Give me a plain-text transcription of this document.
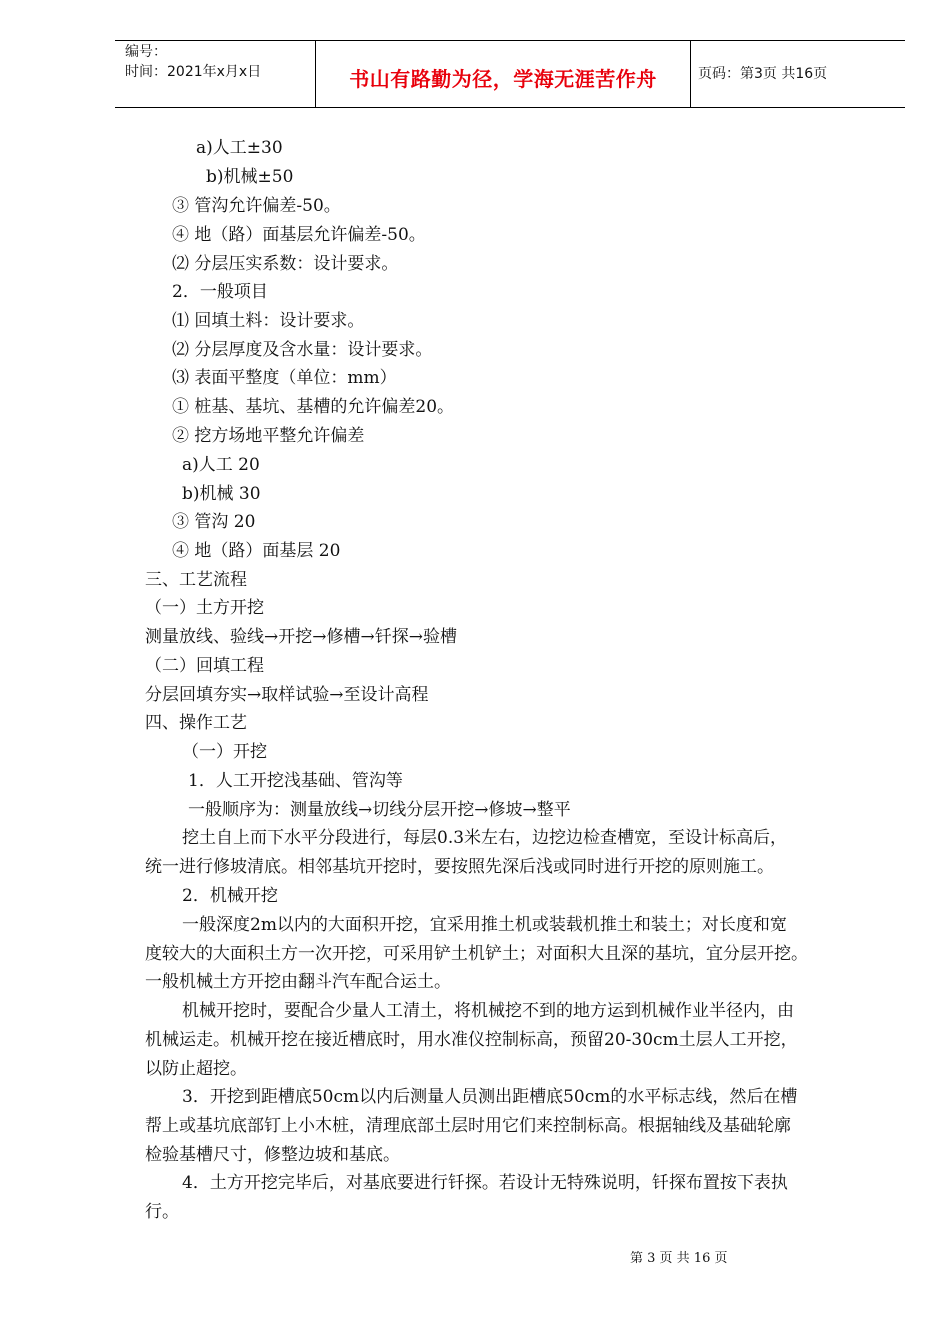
编号：
时间：2021年x月x日	书山有路勤为径，学海无涯苦作舟	页码：第3页 共16页
a)人工±30
b)机械±50
③ 管沟允许偏差-50。
④ 地（路）面基层允许偏差-50。
⑵ 分层压实系数：设计要求。
2．一般项目
⑴ 回填土料：设计要求。
⑵ 分层厚度及含水量：设计要求。
⑶ 表面平整度（单位：mm）
① 桩基、基坑、基槽的允许偏差20。
② 挖方场地平整允许偏差
a)人工 20
b)机械 30
③ 管沟 20
④ 地（路）面基层 20
三、工艺流程
（一）土方开挖
测量放线、验线→开挖→修槽→钎探→验槽
（二）回填工程
分层回填夯实→取样试验→至设计高程
四、操作工艺
（一）开挖
1．人工开挖浅基础、管沟等
一般顺序为：测量放线→切线分层开挖→修坡→整平
挖土自上而下水平分段进行，每层0.3米左右，边挖边检查槽宽，至设计标高后，
统一进行修坡清底。相邻基坑开挖时，要按照先深后浅或同时进行开挖的原则施工。
2．机械开挖
一般深度2m以内的大面积开挖，宜采用推土机或装载机推土和装土；对长度和宽
度较大的大面积土方一次开挖，可采用铲土机铲土；对面积大且深的基坑，宜分层开挖。
一般机械土方开挖由翻斗汽车配合运土。
机械开挖时，要配合少量人工清土，将机械挖不到的地方运到机械作业半径内，由
机械运走。机械开挖在接近槽底时，用水准仪控制标高，预留20-30cm土层人工开挖，
以防止超挖。
3．开挖到距槽底50cm以内后测量人员测出距槽底50cm的水平标志线，然后在槽
帮上或基坑底部钉上小木桩，清理底部土层时用它们来控制标高。根据轴线及基础轮廓
检验基槽尺寸，修整边坡和基底。
4．土方开挖完毕后，对基底要进行钎探。若设计无特殊说明，钎探布置按下表执
行。
第 3 页 共 16 页
